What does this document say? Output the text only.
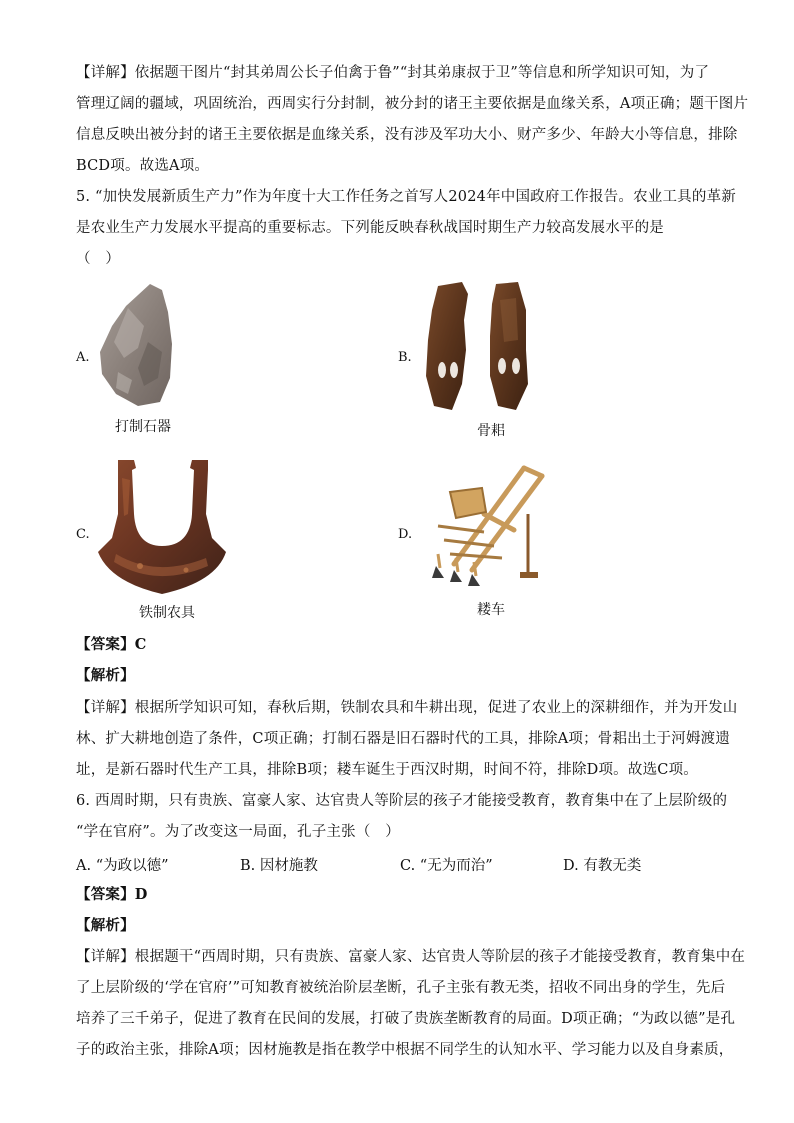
【详解】依据题干图片“封其弟周公长子伯禽于鲁”“封其弟康叔于卫”等信息和所学知识可知，为了
管理辽阔的疆域，巩固统治，西周实行分封制，被分封的诸王主要依据是血缘关系，A项正确；题干图片
信息反映出被分封的诸王主要依据是血缘关系，没有涉及军功大小、财产多少、年龄大小等信息，排除
BCD项。故选A项。
5. “加快发展新质生产力”作为年度十大工作任务之首写人2024年中国政府工作报告。农业工具的革新
是农业生产力发展水平提高的重要标志。下列能反映春秋战国时期生产力较高发展水平的是
（　）
A.
打制石器
B.
骨耜
C.
铁制农具
D.
耧车
【答案】C
【解析】
【详解】根据所学知识可知，春秋后期，铁制农具和牛耕出现，促进了农业上的深耕细作，并为开发山
林、扩大耕地创造了条件，C项正确；打制石器是旧石器时代的工具，排除A项；骨耜出土于河姆渡遗
址，是新石器时代生产工具，排除B项；耧车诞生于西汉时期，时间不符，排除D项。故选C项。
6. 西周时期，只有贵族、富豪人家、达官贵人等阶层的孩子才能接受教育，教育集中在了上层阶级的
“学在官府”。为了改变这一局面，孔子主张（　）
A. “为政以德”	B. 因材施教	C. “无为而治”	D. 有教无类
【答案】D
【解析】
【详解】根据题干“西周时期，只有贵族、富豪人家、达官贵人等阶层的孩子才能接受教育，教育集中在
了上层阶级的‘学在官府’”可知教育被统治阶层垄断，孔子主张有教无类，招收不同出身的学生，先后
培养了三千弟子，促进了教育在民间的发展，打破了贵族垄断教育的局面。D项正确；“为政以德”是孔
子的政治主张，排除A项；因材施教是指在教学中根据不同学生的认知水平、学习能力以及自身素质，
